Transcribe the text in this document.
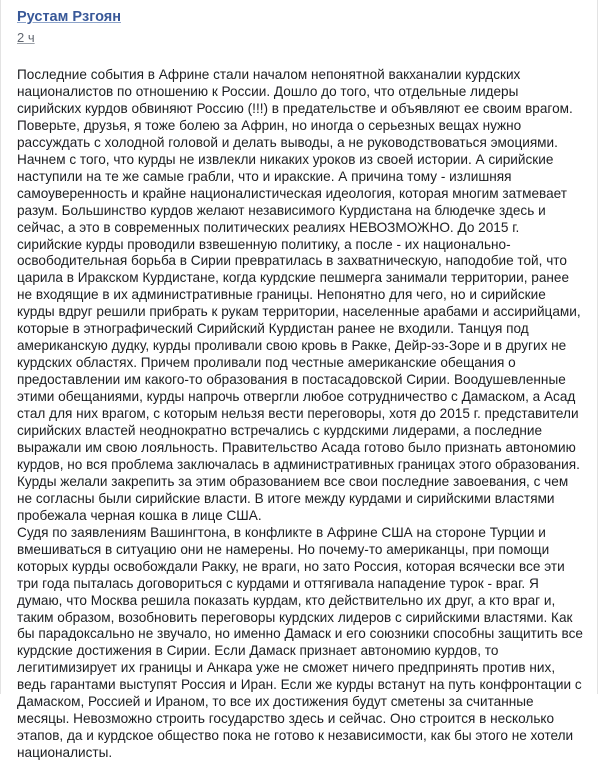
Рустам Рзгоян
2 ч

Последние события в Африне стали началом непонятной вакханалии курдских националистов по отношению к России. Дошло до того, что отдельные лидеры сирийских курдов обвиняют Россию (!!!) в предательстве и объявляют ее своим врагом. Поверьте, друзья, я тоже болею за Африн, но иногда о серьезных вещах нужно рассуждать с холодной головой и делать выводы, а не руководствоваться эмоциями. Начнем с того, что курды не извлекли никаких уроков из своей истории. А сирийские наступили на те же самые грабли, что и иракские. А причина тому - излишняя самоуверенность и крайне националистическая идеология, которая многим затмевает разум. Большинство курдов желают независимого Курдистана на блюдечке здесь и сейчас, а это в современных политических реалиях НЕВОЗМОЖНО. До 2015 г. сирийские курды проводили взвешенную политику, а после - их национально-освободительная борьба в Сирии превратилась в захватническую, наподобие той, что царила в Иракском Курдистане, когда курдские пешмерга занимали территории, ранее не входящие в их административные границы. Непонятно для чего, но и сирийские курды вдруг решили прибрать к рукам территории, населенные арабами и ассирийцами, которые в этнографический Сирийский Курдистан ранее не входили. Танцуя под американскую дудку, курды проливали свою кровь в Ракке, Дейр-эз-Зоре и в других не курдских областях. Причем проливали под честные американские обещания о предоставлении им какого-то образования в постасадовской Сирии. Воодушевленные этими обещаниями, курды напрочь отвергли любое сотрудничество с Дамаском, а Асад стал для них врагом, с которым нельзя вести переговоры, хотя до 2015 г. представители сирийских властей неоднократно встречались с курдскими лидерами, а последние выражали им свою лояльность. Правительство Асада готово было признать автономию курдов, но вся проблема заключалась в административных границах этого образования. Курды желали закрепить за этим образованием все свои последние завоевания, с чем не согласны были сирийские власти. В итоге между курдами и сирийскими властями пробежала черная кошка в лице США.

Судя по заявлениям Вашингтона, в конфликте в Африне США на стороне Турции и вмешиваться в ситуацию они не намерены. Но почему-то американцы, при помощи которых курды освобождали Ракку, не враги, но зато Россия, которая всячески все эти три года пыталась договориться с курдами и оттягивала нападение турок - враг. Я думаю, что Москва решила показать курдам, кто действительно их друг, а кто враг и, таким образом, возобновить переговоры курдских лидеров с сирийскими властями. Как бы парадоксально не звучало, но именно Дамаск и его союзники способны защитить все курдские достижения в Сирии. Если Дамаск признает автономию курдов, то легитимизирует их границы и Анкара уже не сможет ничего предпринять против них, ведь гарантами выступят Россия и Иран. Если же курды встанут на путь конфронтации с Дамаском, Россией и Ираном, то все их достижения будут сметены за считанные месяцы. Невозможно строить государство здесь и сейчас. Оно строится в несколько этапов, да и курдское общество пока не готово к независимости, как бы этого не хотели националисты.
